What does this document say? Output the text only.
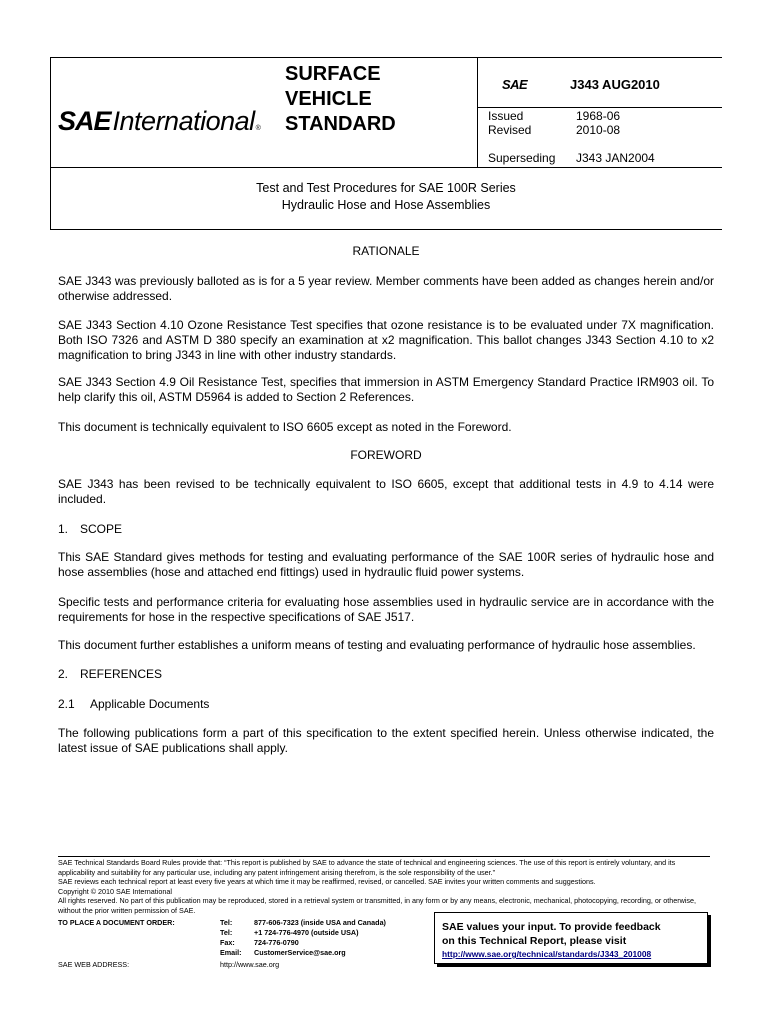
SAE International ®
SURFACE
VEHICLE
STANDARD
SAE	J343 AUG2010
Issued	1968-06
Revised	2010-08
Superseding J343 JAN2004
Test and Test Procedures for SAE 100R Series
Hydraulic Hose and Hose Assemblies
RATIONALE

SAE J343 was previously balloted as is for a 5 year review. Member comments have been added as changes herein and/or otherwise addressed.

SAE J343 Section 4.10 Ozone Resistance Test specifies that ozone resistance is to be evaluated under 7X magnification. Both ISO 7326 and ASTM D 380 specify an examination at x2 magnification. This ballot changes J343 Section 4.10 to x2 magnification to bring J343 in line with other industry standards.

SAE J343 Section 4.9 Oil Resistance Test, specifies that immersion in ASTM Emergency Standard Practice IRM903 oil. To help clarify this oil, ASTM D5964 is added to Section 2 References.

This document is technically equivalent to ISO 6605 except as noted in the Foreword.

FOREWORD

SAE J343 has been revised to be technically equivalent to ISO 6605, except that additional tests in 4.9 to 4.14 were included.

1. SCOPE

This SAE Standard gives methods for testing and evaluating performance of the SAE 100R series of hydraulic hose and hose assemblies (hose and attached end fittings) used in hydraulic fluid power systems.

Specific tests and performance criteria for evaluating hose assemblies used in hydraulic service are in accordance with the requirements for hose in the respective specifications of SAE J517.

This document further establishes a uniform means of testing and evaluating performance of hydraulic hose assemblies.

2. REFERENCES
2.1 Applicable Documents

The following publications form a part of this specification to the extent specified herein. Unless otherwise indicated, the latest issue of SAE publications shall apply.

SAE Technical Standards Board Rules provide that: “This report is published by SAE to advance the state of technical and engineering sciences. The use of this report is entirely voluntary, and its applicability and suitability for any particular use, including any patent infringement arising therefrom, is the sole responsibility of the user.”

SAE reviews each technical report at least every five years at which time it may be reaffirmed, revised, or cancelled. SAE invites your written comments and suggestions.

Copyright © 2010 SAE International

All rights reserved. No part of this publication may be reproduced, stored in a retrieval system or transmitted, in any form or by any means, electronic, mechanical, photocopying, recording, or otherwise, without the prior written permission of SAE.

TO PLACE A DOCUMENT ORDER:	Tel:	877-606-7323 (inside USA and Canada)
Tel:	+1 724-776-4970 (outside USA)
Fax:	724-776-0790
Email: CustomerService@sae.org
SAE WEB ADDRESS:	http://www.sae.org
SAE values your input. To provide feedback
on this Technical Report, please visit
http://www.sae.org/technical/standards/J343_201008
